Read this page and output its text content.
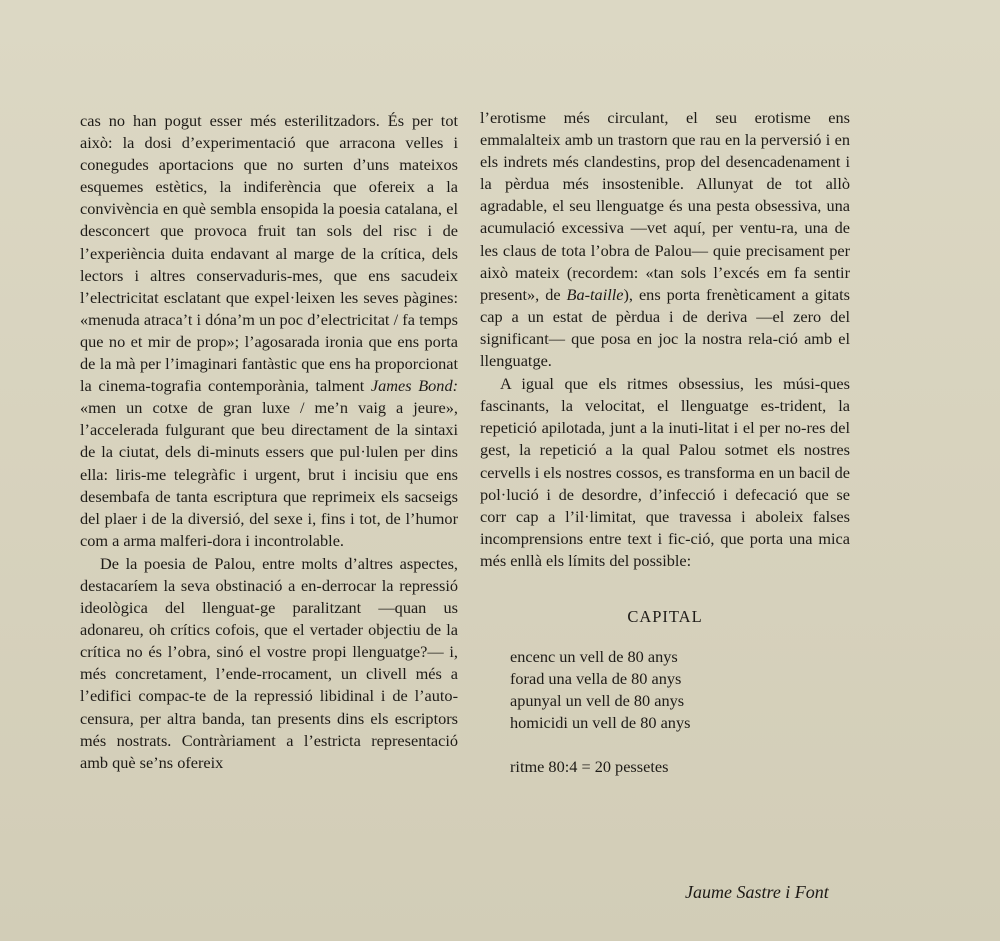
cas no han pogut esser més esterilitzadors. És per tot això: la dosi d’experimentació que arracona velles i conegudes aportacions que no surten d’uns mateixos esquemes estètics, la indiferència que ofereix a la convivència en què sembla ensopida la poesia catalana, el desconcert que provoca fruit tan sols del risc i de l’experiència duita endavant al marge de la crítica, dels lectors i altres conservaduris-mes, que ens sacudeix l’electricitat esclatant que expel·leixen les seves pàgines: «menuda atraca’t i dóna’m un poc d’electricitat / fa temps que no et mir de prop»; l’agosarada ironia que ens porta de la mà per l’imaginari fantàstic que ens ha proporcionat la cinema-tografia contemporània, talment James Bond: «men un cotxe de gran luxe / me’n vaig a jeure», l’accelerada fulgurant que beu directament de la sintaxi de la ciutat, dels di-minuts essers que pul·lulen per dins ella: liris-me telegràfic i urgent, brut i incisiu que ens desembafa de tanta escriptura que reprimeix els sacseigs del plaer i de la diversió, del sexe i, fins i tot, de l’humor com a arma malferi-dora i incontrolable.

De la poesia de Palou, entre molts d’altres aspectes, destacaríem la seva obstinació a en-derrocar la repressió ideològica del llenguat-ge paralitzant —quan us adonareu, oh crítics cofois, que el vertader objectiu de la crítica no és l’obra, sinó el vostre propi llenguatge?— i, més concretament, l’ende-rrocament, un clivell més a l’edifici compac-te de la repressió libidinal i de l’auto-censura, per altra banda, tan presents dins els escriptors més nostrats. Contràriament a l’estricta representació amb què se’ns ofereix

l’erotisme més circulant, el seu erotisme ens emmalalteix amb un trastorn que rau en la perversió i en els indrets més clandestins, prop del desencadenament i la pèrdua més insostenible. Allunyat de tot allò agradable, el seu llenguatge és una pesta obsessiva, una acumulació excessiva —vet aquí, per ventu-ra, una de les claus de tota l’obra de Palou— quie precisament per això mateix (recordem: «tan sols l’excés em fa sentir present», de Ba-taille), ens porta frenèticament a gitats cap a un estat de pèrdua i de deriva —el zero del significant— que posa en joc la nostra rela-ció amb el llenguatge.

A igual que els ritmes obsessius, les músi-ques fascinants, la velocitat, el llenguatge es-trident, la repetició apilotada, junt a la inuti-litat i el per no-res del gest, la repetició a la qual Palou sotmet els nostres cervells i els nostres cossos, es transforma en un bacil de pol·lució i de desordre, d’infecció i defecació que se corr cap a l’il·limitat, que travessa i aboleix falses incomprensions entre text i fic-ció, que porta una mica més enllà els límits del possible:

CAPITAL
encenc un vell de 80 anys
forad una vella de 80 anys
apunyal un vell de 80 anys
homicidi un vell de 80 anys
ritme 80:4 = 20 pessetes
Jaume Sastre i Font
